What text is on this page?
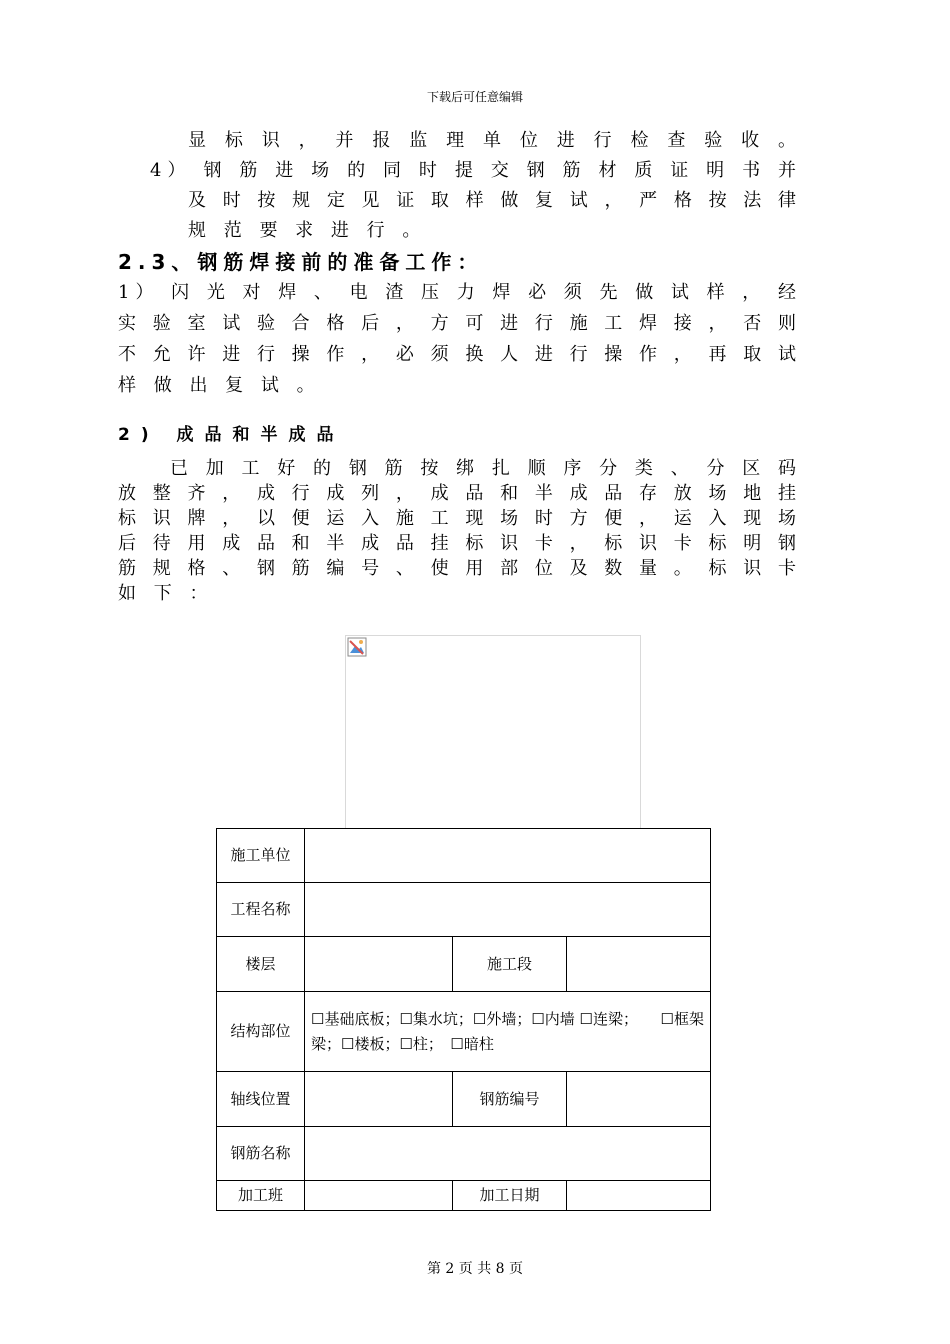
下载后可任意编辑
显 标 识 ， 并 报 监 理 单 位 进 行 检 查 验 收 。
4） 钢 筋 进 场 的 同 时 提 交 钢 筋 材 质 证 明 书 并
及 时 按 规 定 见 证 取 样 做 复 试 ， 严 格 按 法 律
规 范 要 求 进 行 。
2.3、钢筋焊接前的准备工作：
1） 闪 光 对 焊 、 电 渣 压 力 焊 必 须 先 做 试 样 ， 经
实 验 室 试 验 合 格 后 ， 方 可 进 行 施 工 焊 接 ， 否 则
不 允 许 进 行 操 作 ， 必 须 换 人 进 行 操 作 ， 再 取 试
样 做 出 复 试 。
2) 成品和半成品
已 加 工 好 的 钢 筋 按 绑 扎 顺 序 分 类 、 分 区 码
放 整 齐 ， 成 行 成 列 ， 成 品 和 半 成 品 存 放 场 地 挂
标 识 牌 ， 以 便 运 入 施 工 现 场 时 方 便 ， 运 入 现 场
后 待 用 成 品 和 半 成 品 挂 标 识 卡 ， 标 识 卡 标 明 钢
筋 规 格 、 钢 筋 编 号 、 使 用 部 位 及 数 量 。 标 识 卡
如 下 ：
施工单位			
工程名称			
楼层		施工段	
结构部位	☐基础底板；☐集水坑；☐外墙；☐内墙 ☐连梁；　　☐框架梁；☐楼板；☐柱；　☐暗柱		
轴线位置		钢筋编号	
钢筋名称			
加工班		加工日期	
第 2 页 共 8 页
